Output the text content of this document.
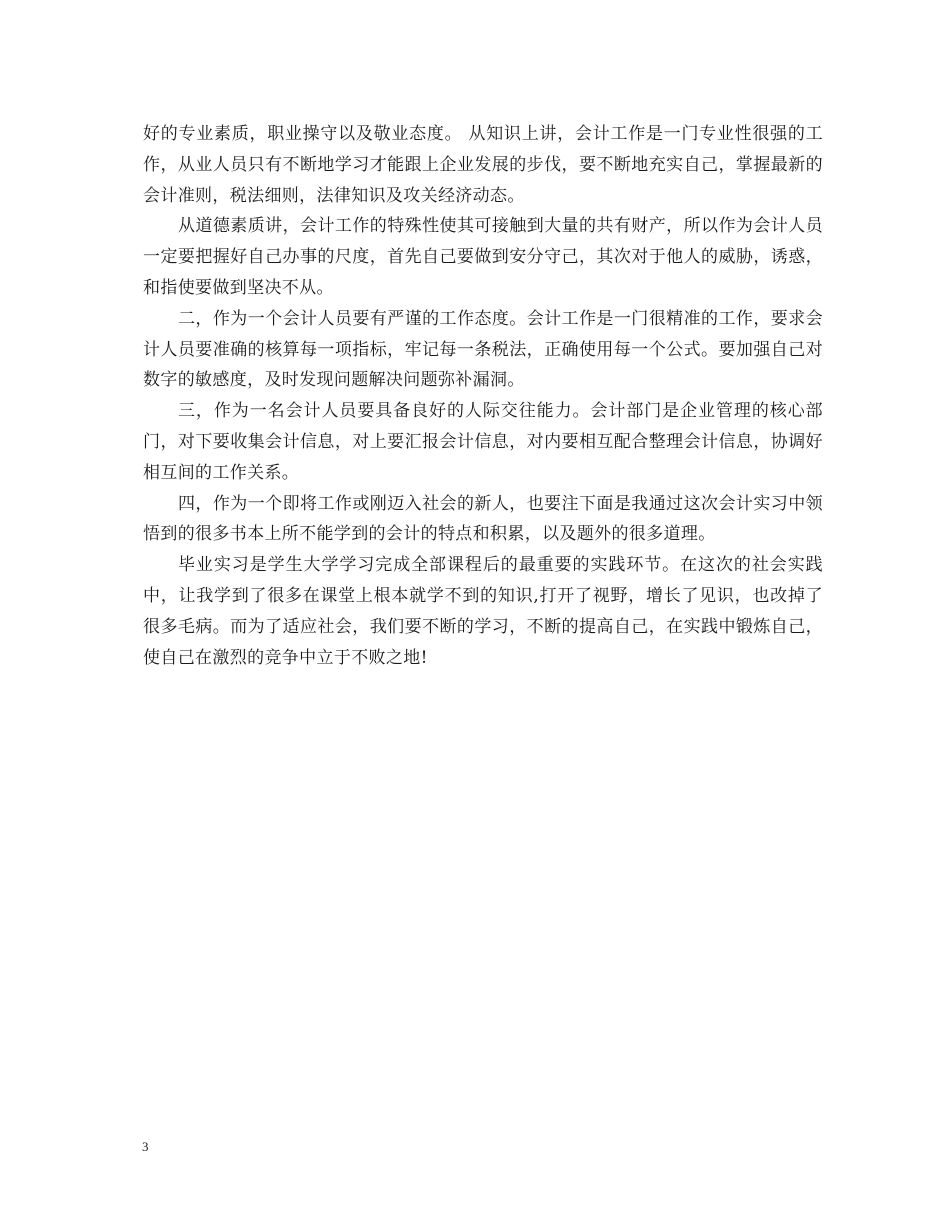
好的专业素质，职业操守以及敬业态度。 从知识上讲，会计工作是一门专业性很强的工作，从业人员只有不断地学习才能跟上企业发展的步伐，要不断地充实自己，掌握最新的会计准则，税法细则，法律知识及攻关经济动态。

从道德素质讲，会计工作的特殊性使其可接触到大量的共有财产，所以作为会计人员一定要把握好自己办事的尺度，首先自己要做到安分守己，其次对于他人的威胁，诱惑，和指使要做到坚决不从。

二，作为一个会计人员要有严谨的工作态度。会计工作是一门很精准的工作，要求会计人员要准确的核算每一项指标，牢记每一条税法，正确使用每一个公式。要加强自己对数字的敏感度，及时发现问题解决问题弥补漏洞。

三，作为一名会计人员要具备良好的人际交往能力。会计部门是企业管理的核心部门，对下要收集会计信息，对上要汇报会计信息，对内要相互配合整理会计信息，协调好相互间的工作关系。

四，作为一个即将工作或刚迈入社会的新人，也要注下面是我通过这次会计实习中领悟到的很多书本上所不能学到的会计的特点和积累，以及题外的很多道理。

毕业实习是学生大学学习完成全部课程后的最重要的实践环节。在这次的社会实践中，让我学到了很多在课堂上根本就学不到的知识,打开了视野，增长了见识，也改掉了很多毛病。而为了适应社会，我们要不断的学习，不断的提高自己，在实践中锻炼自己，使自己在激烈的竞争中立于不败之地!

3
